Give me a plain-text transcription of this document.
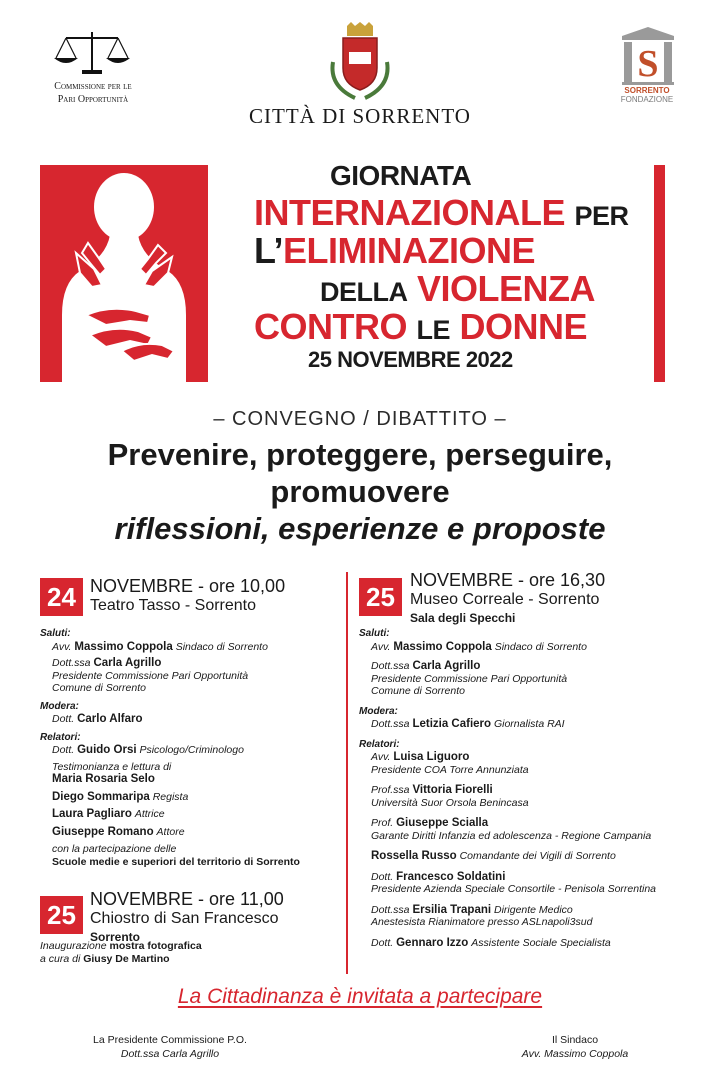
Commissione per le
Pari Opportunità
CITTÀ DI SORRENTO
S
SORRENTO
FONDAZIONE
GIORNATA
INTERNAZIONALE PER
L’ELIMINAZIONE
DELLA VIOLENZA
CONTRO LE DONNE
25 NOVEMBRE 2022
– CONVEGNO / DIBATTITO –
Prevenire, proteggere, perseguire,
promuovere
riflessioni, esperienze e proposte
24 NOVEMBRE - ore 10,00
Teatro Tasso - Sorrento
Saluti:
Avv. Massimo Coppola Sindaco di Sorrento
Dott.ssa Carla Agrillo
Presidente Commissione Pari Opportunità
Comune di Sorrento
Modera:
Dott. Carlo Alfaro
Relatori:
Dott. Guido Orsi Psicologo/Criminologo
Testimonianza e lettura di
Maria Rosaria Selo
Diego Sommaripa Regista
Laura Pagliaro Attrice
Giuseppe Romano Attore
con la partecipazione delle
Scuole medie e superiori del territorio di Sorrento
25
NOVEMBRE - ore 11,00
Chiostro di San Francesco
Sorrento
Inaugurazione mostra fotografica
a cura di Giusy De Martino
25
NOVEMBRE - ore 16,30
Museo Correale - Sorrento
Sala degli Specchi
Saluti:
Avv. Massimo Coppola Sindaco di Sorrento
Dott.ssa Carla Agrillo
Presidente Commissione Pari Opportunità
Comune di Sorrento
Modera:
Dott.ssa Letizia Cafiero Giornalista RAI
Relatori:
Avv. Luisa Liguoro
Presidente COA Torre Annunziata
Prof.ssa Vittoria Fiorelli
Università Suor Orsola Benincasa
Prof. Giuseppe Scialla
Garante Diritti Infanzia ed adolescenza - Regione Campania
Rossella Russo Comandante dei Vigili di Sorrento
Dott. Francesco Soldatini
Presidente Azienda Speciale Consortile - Penisola Sorrentina
Dott.ssa Ersilia Trapani Dirigente Medico
Anestesista Rianimatore presso ASLnapoli3sud
Dott. Gennaro Izzo Assistente Sociale Specialista
La Cittadinanza è invitata a partecipare
La Presidente Commissione P.O.
Dott.ssa Carla Agrillo
Il Sindaco
Avv. Massimo Coppola
